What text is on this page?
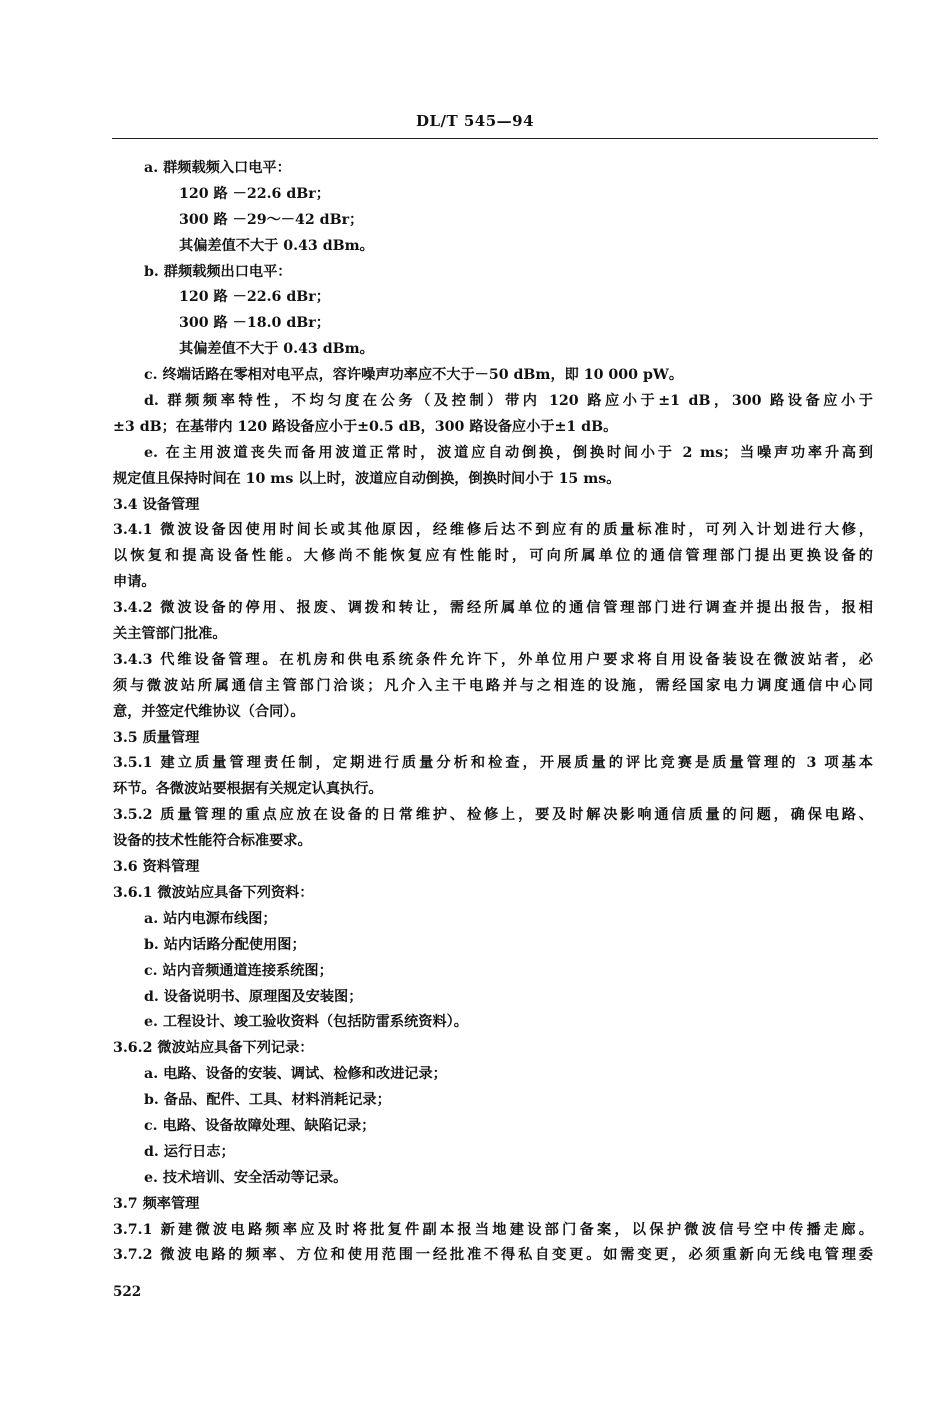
DL/T 545—94
a. 群频载频入口电平：
120 路 －22.6 dBr；
300 路 －29～－42 dBr；
其偏差值不大于 0.43 dBm。
b. 群频载频出口电平：
120 路 －22.6 dBr；
300 路 －18.0 dBr；
其偏差值不大于 0.43 dBm。
c. 终端话路在零相对电平点，容许噪声功率应不大于－50 dBm，即 10 000 pW。
d. 群频频率特性，不均匀度在公务（及控制）带内 120 路应小于±1 dB，300 路设备应小于
±3 dB；在基带内 120 路设备应小于±0.5 dB，300 路设备应小于±1 dB。
e. 在主用波道丧失而备用波道正常时，波道应自动倒换，倒换时间小于 2 ms；当噪声功率升高到
规定值且保持时间在 10 ms 以上时，波道应自动倒换，倒换时间小于 15 ms。
3.4 设备管理
3.4.1 微波设备因使用时间长或其他原因，经维修后达不到应有的质量标准时，可列入计划进行大修，
以恢复和提高设备性能。大修尚不能恢复应有性能时，可向所属单位的通信管理部门提出更换设备的
申请。
3.4.2 微波设备的停用、报废、调拨和转让，需经所属单位的通信管理部门进行调查并提出报告，报相
关主管部门批准。
3.4.3 代维设备管理。在机房和供电系统条件允许下，外单位用户要求将自用设备装设在微波站者，必
须与微波站所属通信主管部门洽谈；凡介入主干电路并与之相连的设施，需经国家电力调度通信中心同
意，并签定代维协议（合同）。
3.5 质量管理
3.5.1 建立质量管理责任制，定期进行质量分析和检查，开展质量的评比竞赛是质量管理的 3 项基本
环节。各微波站要根据有关规定认真执行。
3.5.2 质量管理的重点应放在设备的日常维护、检修上，要及时解决影响通信质量的问题，确保电路、
设备的技术性能符合标准要求。
3.6 资料管理
3.6.1 微波站应具备下列资料：
a. 站内电源布线图；
b. 站内话路分配使用图；
c. 站内音频通道连接系统图；
d. 设备说明书、原理图及安装图；
e. 工程设计、竣工验收资料（包括防雷系统资料）。
3.6.2 微波站应具备下列记录：
a. 电路、设备的安装、调试、检修和改进记录；
b. 备品、配件、工具、材料消耗记录；
c. 电路、设备故障处理、缺陷记录；
d. 运行日志；
e. 技术培训、安全活动等记录。
3.7 频率管理
3.7.1 新建微波电路频率应及时将批复件副本报当地建设部门备案，以保护微波信号空中传播走廊。
3.7.2 微波电路的频率、方位和使用范围一经批准不得私自变更。如需变更，必须重新向无线电管理委
522
